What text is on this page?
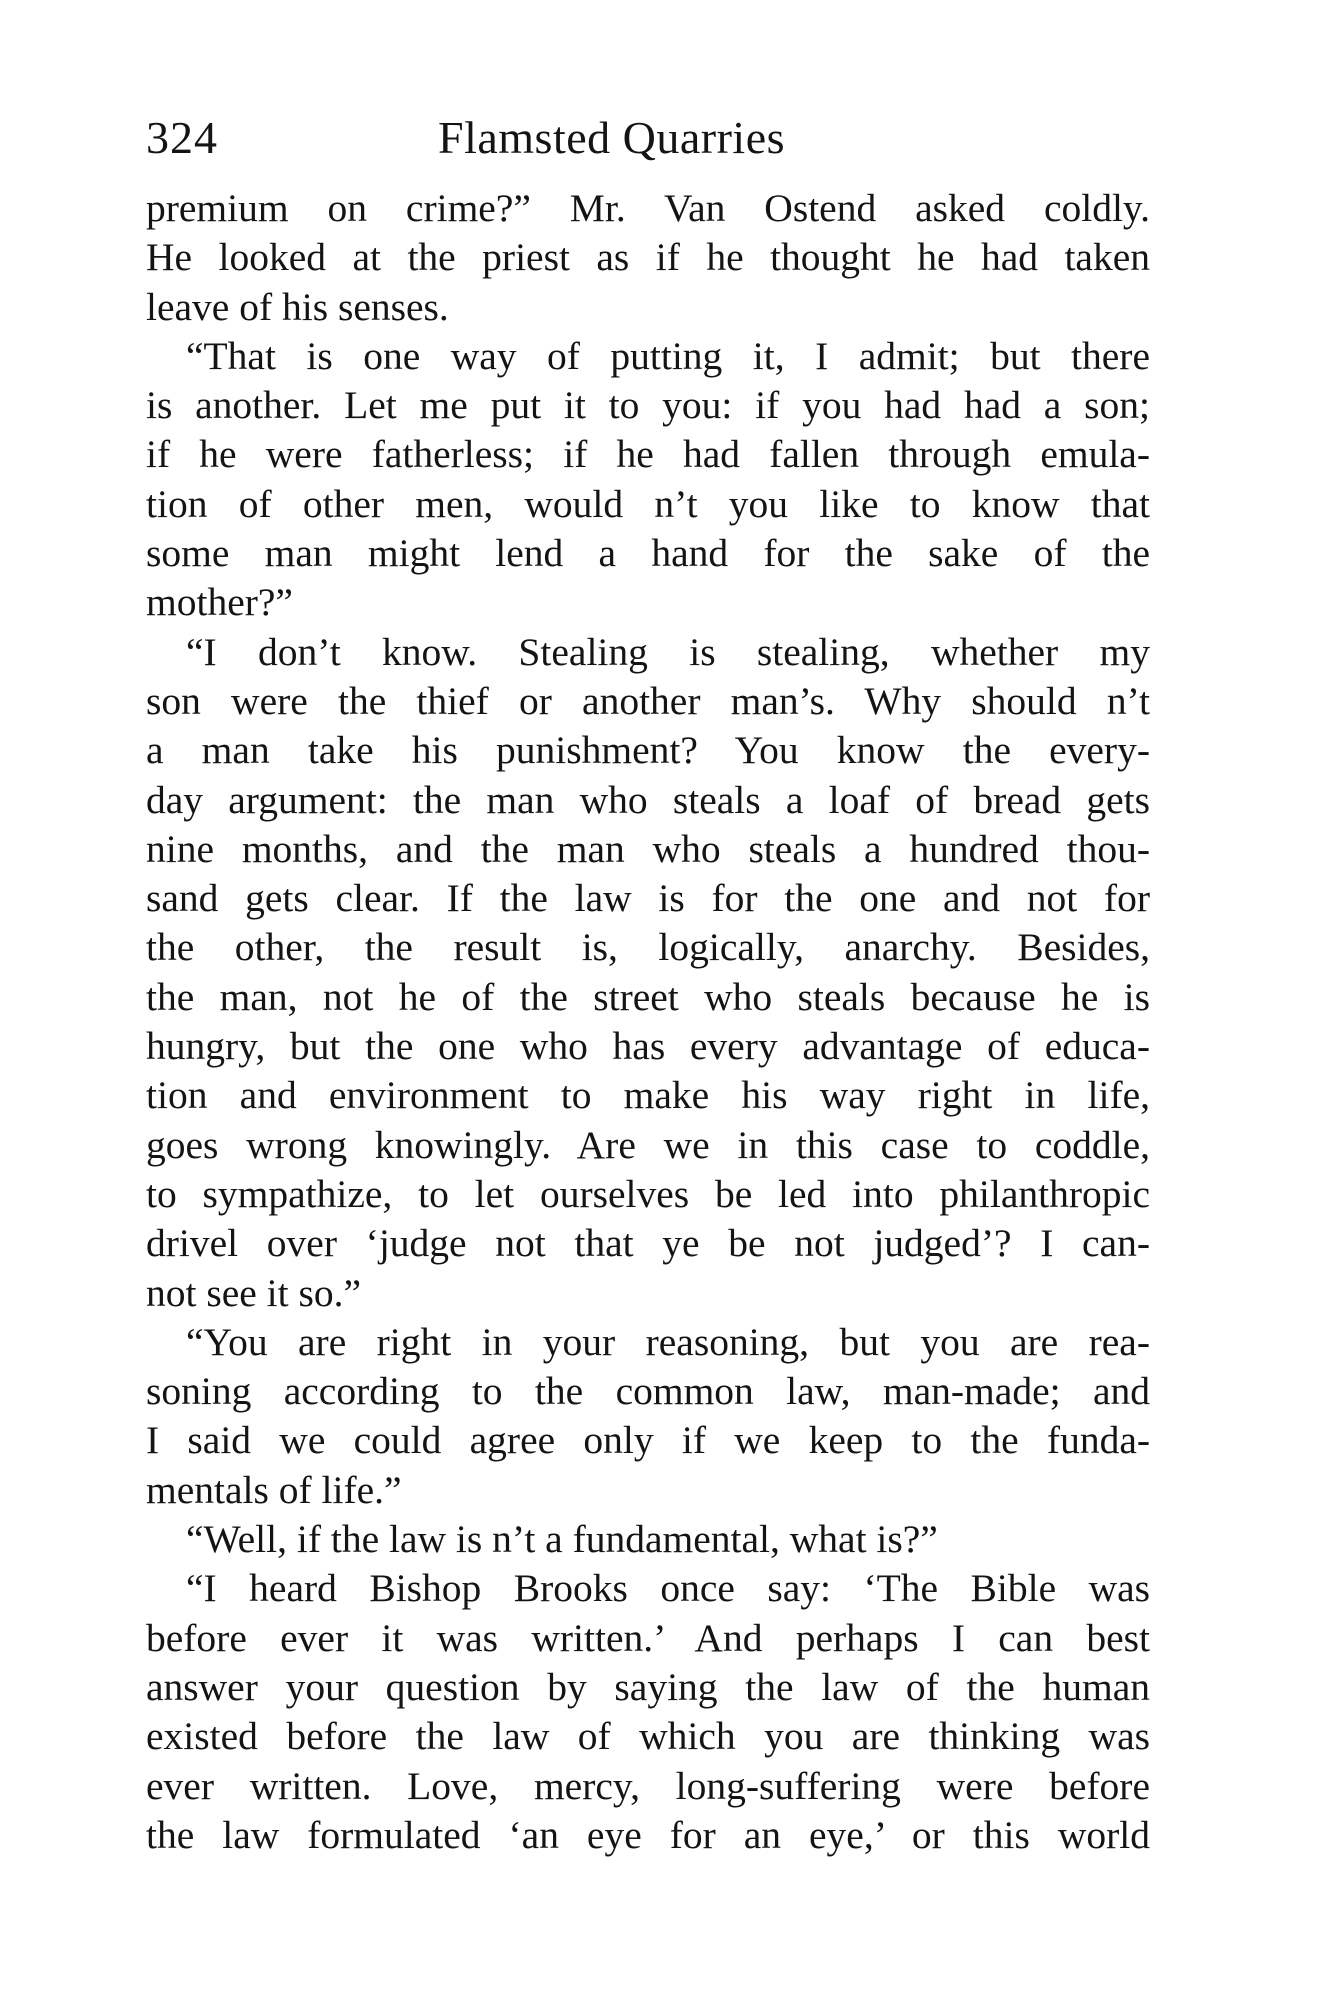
324	Flamsted Quarries
premium on crime?” Mr. Van Ostend asked coldly.
He looked at the priest as if he thought he had taken
leave of his senses.
“That is one way of putting it, I admit; but there
is another. Let me put it to you: if you had had a son;
if he were fatherless; if he had fallen through emula-
tion of other men, would n’t you like to know that
some man might lend a hand for the sake of the
mother?”
“I don’t know. Stealing is stealing, whether my
son were the thief or another man’s. Why should n’t
a man take his punishment? You know the every-
day argument: the man who steals a loaf of bread gets
nine months, and the man who steals a hundred thou-
sand gets clear. If the law is for the one and not for
the other, the result is, logically, anarchy. Besides,
the man, not he of the street who steals because he is
hungry, but the one who has every advantage of educa-
tion and environment to make his way right in life,
goes wrong knowingly. Are we in this case to coddle,
to sympathize, to let ourselves be led into philanthropic
drivel over ‘judge not that ye be not judged’? I can-
not see it so.”
“You are right in your reasoning, but you are rea-
soning according to the common law, man-made; and
I said we could agree only if we keep to the funda-
mentals of life.”
“Well, if the law is n’t a fundamental, what is?”
“I heard Bishop Brooks once say: ‘The Bible was
before ever it was written.’ And perhaps I can best
answer your question by saying the law of the human
existed before the law of which you are thinking was
ever written. Love, mercy, long-suffering were before
the law formulated ‘an eye for an eye,’ or this world
